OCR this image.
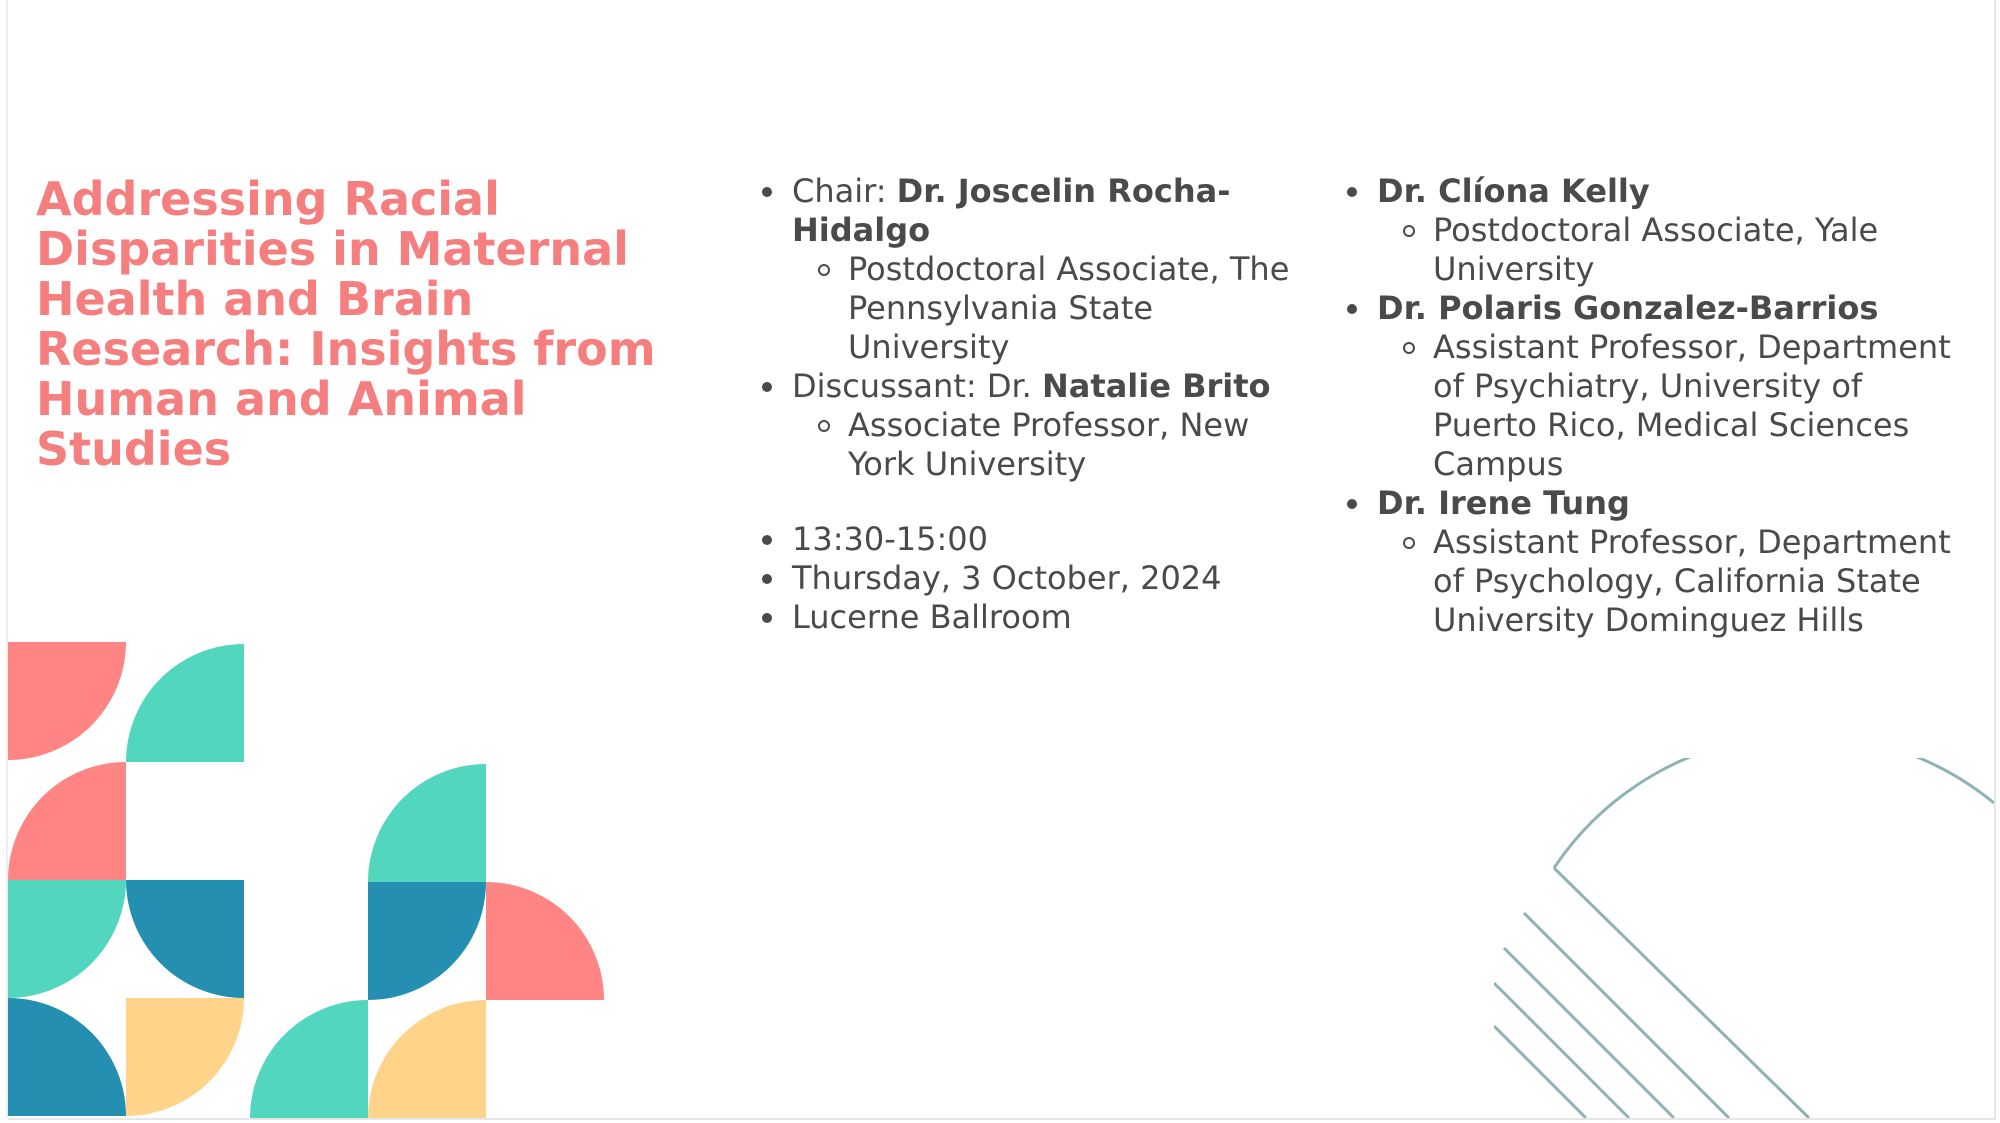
Addressing Racial Disparities in Maternal Health and Brain Research: Insights from Human and Animal Studies
Chair: Dr. Joscelin Rocha-Hidalgo
Postdoctoral Associate, The Pennsylvania State University
Discussant: Dr. Natalie Brito
Associate Professor, New York University
13:30-15:00
Thursday, 3 October, 2024
Lucerne Ballroom
Dr. Clíona Kelly
Postdoctoral Associate, Yale University
Dr. Polaris Gonzalez-Barrios
Assistant Professor, Department of Psychiatry, University of Puerto Rico, Medical Sciences Campus
Dr. Irene Tung
Assistant Professor, Department of Psychology, California State University Dominguez Hills
